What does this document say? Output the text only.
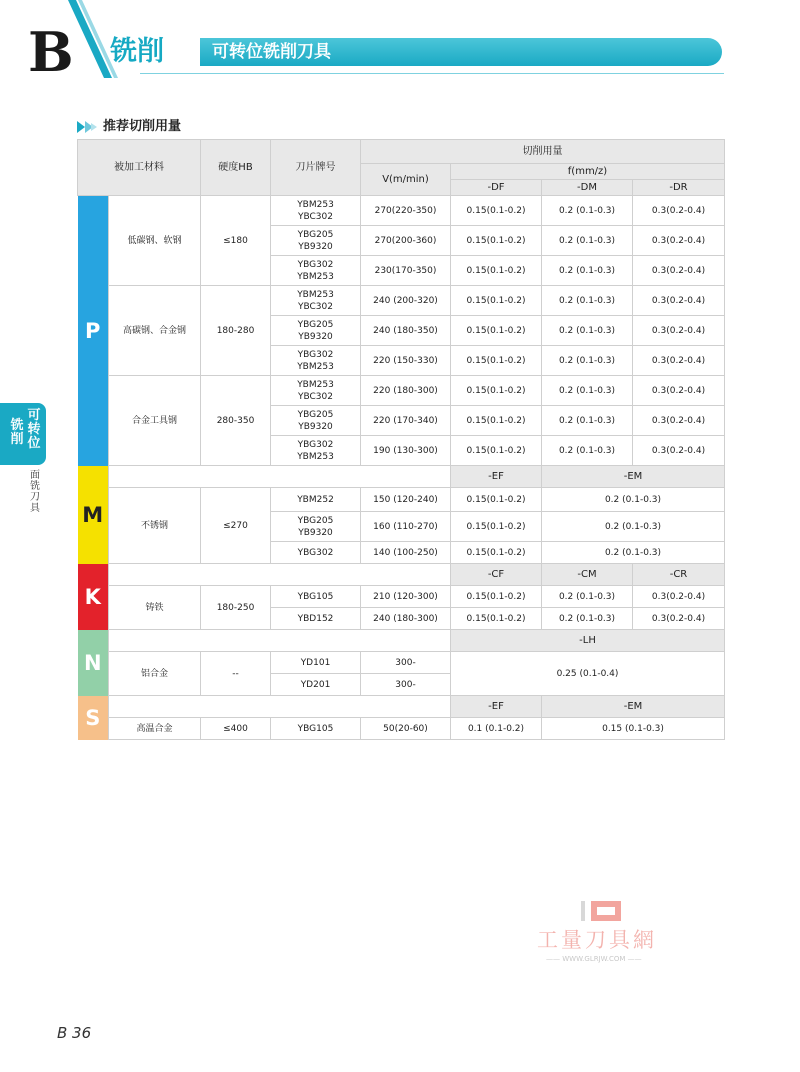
B 铣削	可转位铣削刀具
推荐切削用量
可转位
铣削
面铣刀具
被加工材料		硬度HB	刀片牌号	切削用量			
				V(m/min)	f(mm/z)		
					-DF	-DM	-DR
P	低碳钢、软钢	≤180	YBM253
YBC302	270(220-350)	0.15(0.1-0.2)	0.2 (0.1-0.3)	0.3(0.2-0.4)
			YBG205
YB9320	270(200-360)	0.15(0.1-0.2)	0.2 (0.1-0.3)	0.3(0.2-0.4)
			YBG302
YBM253	230(170-350)	0.15(0.1-0.2)	0.2 (0.1-0.3)	0.3(0.2-0.4)
	高碳钢、合金钢	180-280	YBM253
YBC302	240 (200-320)	0.15(0.1-0.2)	0.2 (0.1-0.3)	0.3(0.2-0.4)
			YBG205
YB9320	240 (180-350)	0.15(0.1-0.2)	0.2 (0.1-0.3)	0.3(0.2-0.4)
			YBG302
YBM253	220 (150-330)	0.15(0.1-0.2)	0.2 (0.1-0.3)	0.3(0.2-0.4)
	合金工具钢	280-350	YBM253
YBC302	220 (180-300)	0.15(0.1-0.2)	0.2 (0.1-0.3)	0.3(0.2-0.4)
			YBG205
YB9320	220 (170-340)	0.15(0.1-0.2)	0.2 (0.1-0.3)	0.3(0.2-0.4)
			YBG302
YBM253	190 (130-300)	0.15(0.1-0.2)	0.2 (0.1-0.3)	0.3(0.2-0.4)
M					-EF	-EM	
	不锈钢	≤270	YBM252	150 (120-240)	0.15(0.1-0.2)	0.2 (0.1-0.3)	
			YBG205
YB9320	160 (110-270)	0.15(0.1-0.2)	0.2 (0.1-0.3)	
			YBG302	140 (100-250)	0.15(0.1-0.2)	0.2 (0.1-0.3)	
K					-CF	-CM	-CR
	铸铁	180-250	YBG105	210 (120-300)	0.15(0.1-0.2)	0.2 (0.1-0.3)	0.3(0.2-0.4)
			YBD152	240 (180-300)	0.15(0.1-0.2)	0.2 (0.1-0.3)	0.3(0.2-0.4)
N					-LH		
	铝合金	--	YD101	300-	0.25 (0.1-0.4)		
			YD201	300-			
S					-EF	-EM	
	高温合金	≤400	YBG105	50(20-60)	0.1 (0.1-0.2)	0.15 (0.1-0.3)	
工量刀具網
—— WWW.GLRJW.COM ——
B 36
